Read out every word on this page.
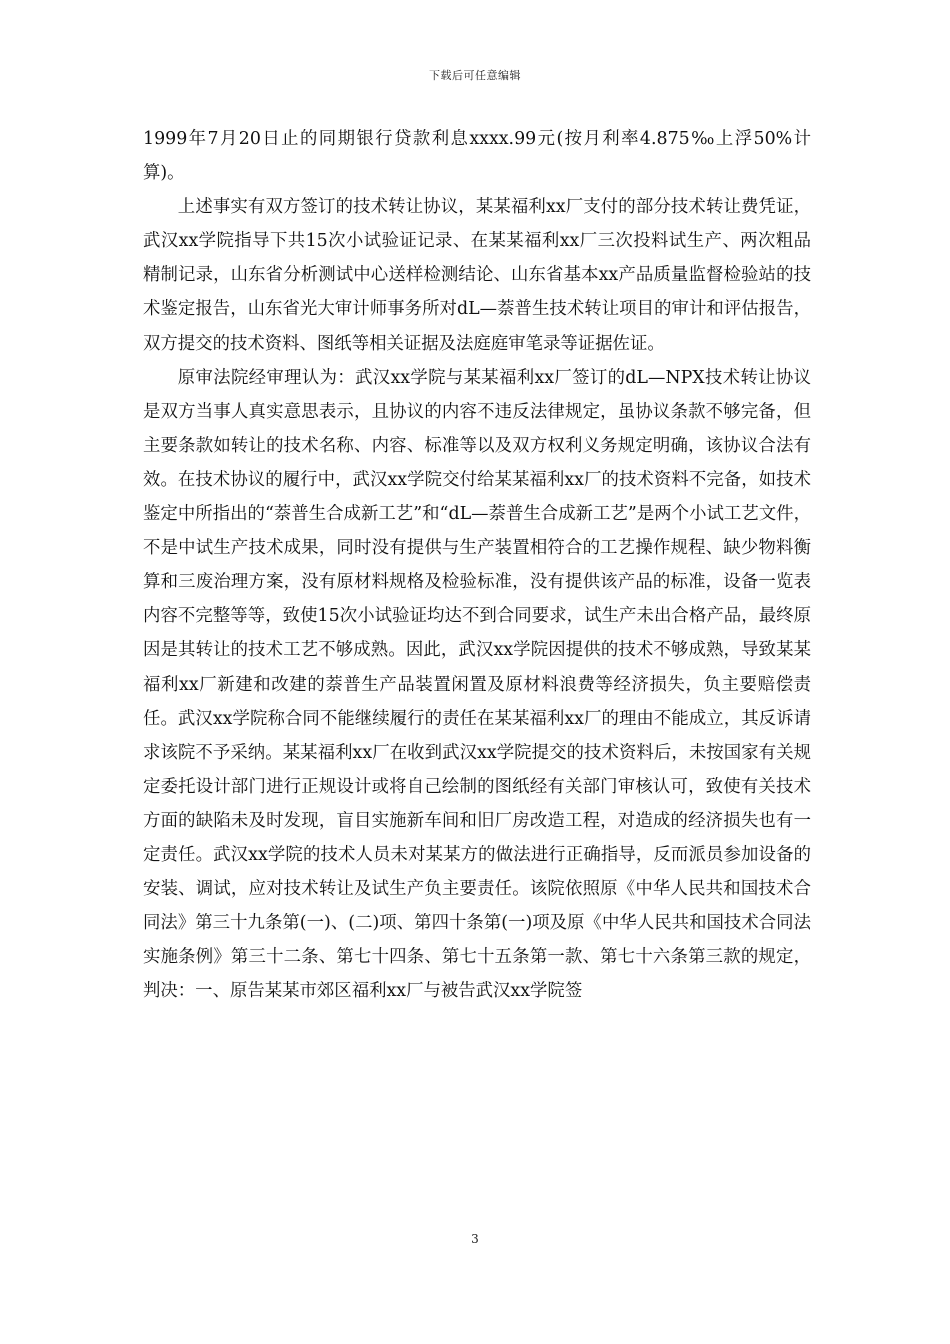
下载后可任意编辑

1999年7月20日止的同期银行贷款利息xxxx.99元(按月利率4.875‰上浮50%计算)。

上述事实有双方签订的技术转让协议，某某福利xx厂支付的部分技术转让费凭证，武汉xx学院指导下共15次小试验证记录、在某某福利xx厂三次投料试生产、两次粗品精制记录，山东省分析测试中心送样检测结论、山东省基本xx产品质量监督检验站的技术鉴定报告，山东省光大审计师事务所对dL—萘普生技术转让项目的审计和评估报告，双方提交的技术资料、图纸等相关证据及法庭庭审笔录等证据佐证。

原审法院经审理认为：武汉xx学院与某某福利xx厂签订的dL—NPX技术转让协议是双方当事人真实意思表示，且协议的内容不违反法律规定，虽协议条款不够完备，但主要条款如转让的技术名称、内容、标准等以及双方权利义务规定明确，该协议合法有效。在技术协议的履行中，武汉xx学院交付给某某福利xx厂的技术资料不完备，如技术鉴定中所指出的“萘普生合成新工艺”和“dL—萘普生合成新工艺”是两个小试工艺文件，不是中试生产技术成果，同时没有提供与生产装置相符合的工艺操作规程、缺少物料衡算和三废治理方案，没有原材料规格及检验标准，没有提供该产品的标准，设备一览表内容不完整等等，致使15次小试验证均达不到合同要求，试生产未出合格产品，最终原因是其转让的技术工艺不够成熟。因此，武汉xx学院因提供的技术不够成熟，导致某某福利xx厂新建和改建的萘普生产品装置闲置及原材料浪费等经济损失，负主要赔偿责任。武汉xx学院称合同不能继续履行的责任在某某福利xx厂的理由不能成立，其反诉请求该院不予采纳。某某福利xx厂在收到武汉xx学院提交的技术资料后，未按国家有关规定委托设计部门进行正规设计或将自己绘制的图纸经有关部门审核认可，致使有关技术方面的缺陷未及时发现，盲目实施新车间和旧厂房改造工程，对造成的经济损失也有一定责任。武汉xx学院的技术人员未对某某方的做法进行正确指导，反而派员参加设备的安装、调试，应对技术转让及试生产负主要责任。该院依照原《中华人民共和国技术合同法》第三十九条第(一)、(二)项、第四十条第(一)项及原《中华人民共和国技术合同法实施条例》第三十二条、第七十四条、第七十五条第一款、第七十六条第三款的规定，判决：一、原告某某市郊区福利xx厂与被告武汉xx学院签

3
